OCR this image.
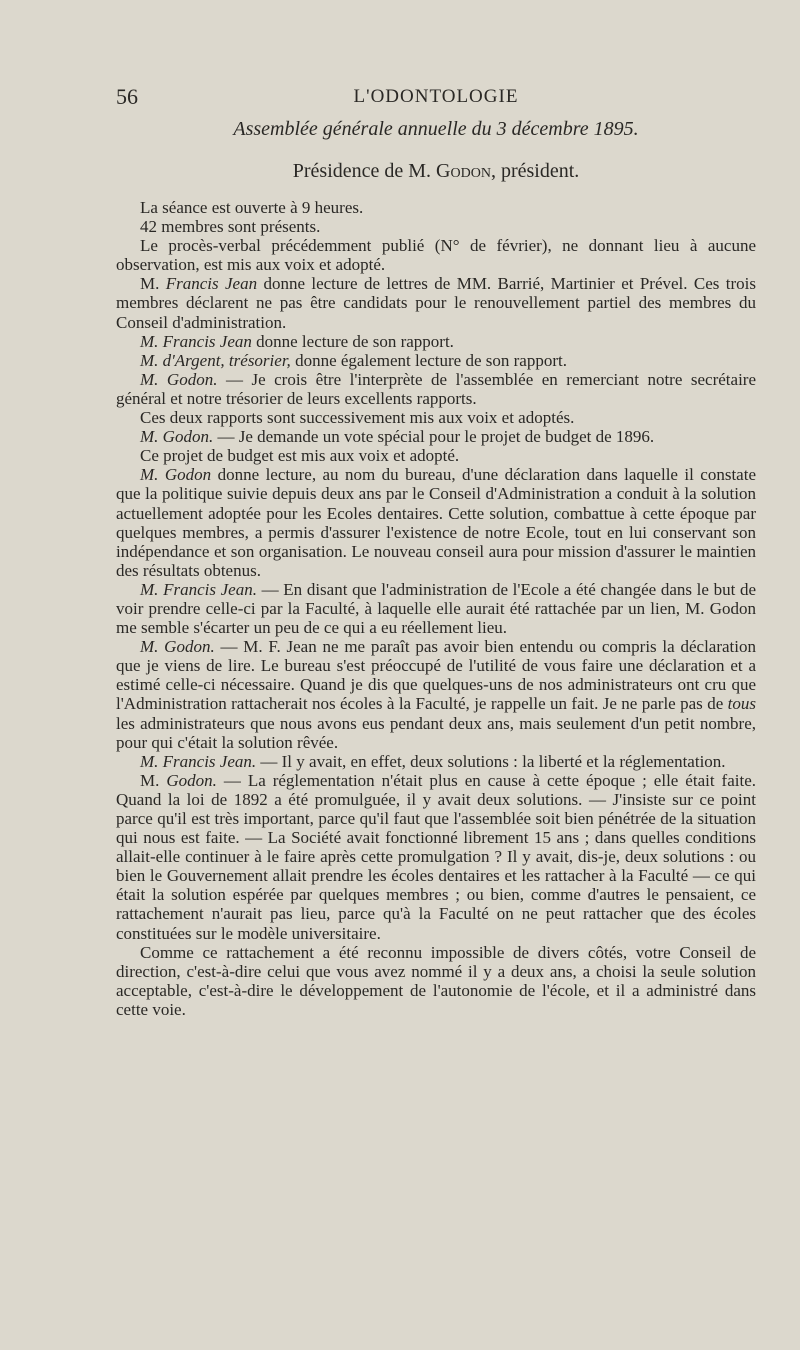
56	L'ODONTOLOGIE
Assemblée générale annuelle du 3 décembre 1895.
Présidence de M. Godon, président.

La séance est ouverte à 9 heures.

42 membres sont présents.

Le procès-verbal précédemment publié (N° de février), ne donnant lieu à aucune observation, est mis aux voix et adopté.

M. Francis Jean donne lecture de lettres de MM. Barrié, Martinier et Prével. Ces trois membres déclarent ne pas être candidats pour le renouvellement partiel des membres du Conseil d'administration.

M. Francis Jean donne lecture de son rapport.

M. d'Argent, trésorier, donne également lecture de son rapport.

M. Godon. — Je crois être l'interprète de l'assemblée en remerciant notre secrétaire général et notre trésorier de leurs excellents rapports.

Ces deux rapports sont successivement mis aux voix et adoptés.

M. Godon. — Je demande un vote spécial pour le projet de budget de 1896.

Ce projet de budget est mis aux voix et adopté.

M. Godon donne lecture, au nom du bureau, d'une déclaration dans laquelle il constate que la politique suivie depuis deux ans par le Conseil d'Administration a conduit à la solution actuellement adoptée pour les Ecoles dentaires. Cette solution, combattue à cette époque par quelques membres, a permis d'assurer l'existence de notre Ecole, tout en lui conservant son indépendance et son organisation. Le nouveau conseil aura pour mission d'assurer le maintien des résultats obtenus.

M. Francis Jean. — En disant que l'administration de l'Ecole a été changée dans le but de voir prendre celle-ci par la Faculté, à laquelle elle aurait été rattachée par un lien, M. Godon me semble s'écarter un peu de ce qui a eu réellement lieu.

M. Godon. — M. F. Jean ne me paraît pas avoir bien entendu ou compris la déclaration que je viens de lire. Le bureau s'est préoccupé de l'utilité de vous faire une déclaration et a estimé celle-ci nécessaire. Quand je dis que quelques-uns de nos administrateurs ont cru que l'Administration rattacherait nos écoles à la Faculté, je rappelle un fait. Je ne parle pas de tous les administrateurs que nous avons eus pendant deux ans, mais seulement d'un petit nombre, pour qui c'était la solution rêvée.

M. Francis Jean. — Il y avait, en effet, deux solutions : la liberté et la réglementation.

M. Godon. — La réglementation n'était plus en cause à cette époque ; elle était faite. Quand la loi de 1892 a été promulguée, il y avait deux solutions. — J'insiste sur ce point parce qu'il est très important, parce qu'il faut que l'assemblée soit bien pénétrée de la situation qui nous est faite. — La Société avait fonctionné librement 15 ans ; dans quelles conditions allait-elle continuer à le faire après cette promulgation ? Il y avait, dis-je, deux solutions : ou bien le Gouvernement allait prendre les écoles dentaires et les rattacher à la Faculté — ce qui était la solution espérée par quelques membres ; ou bien, comme d'autres le pensaient, ce rattachement n'aurait pas lieu, parce qu'à la Faculté on ne peut rattacher que des écoles constituées sur le modèle universitaire.

Comme ce rattachement a été reconnu impossible de divers côtés, votre Conseil de direction, c'est-à-dire celui que vous avez nommé il y a deux ans, a choisi la seule solution acceptable, c'est-à-dire le développement de l'autonomie de l'école, et il a administré dans cette voie.
